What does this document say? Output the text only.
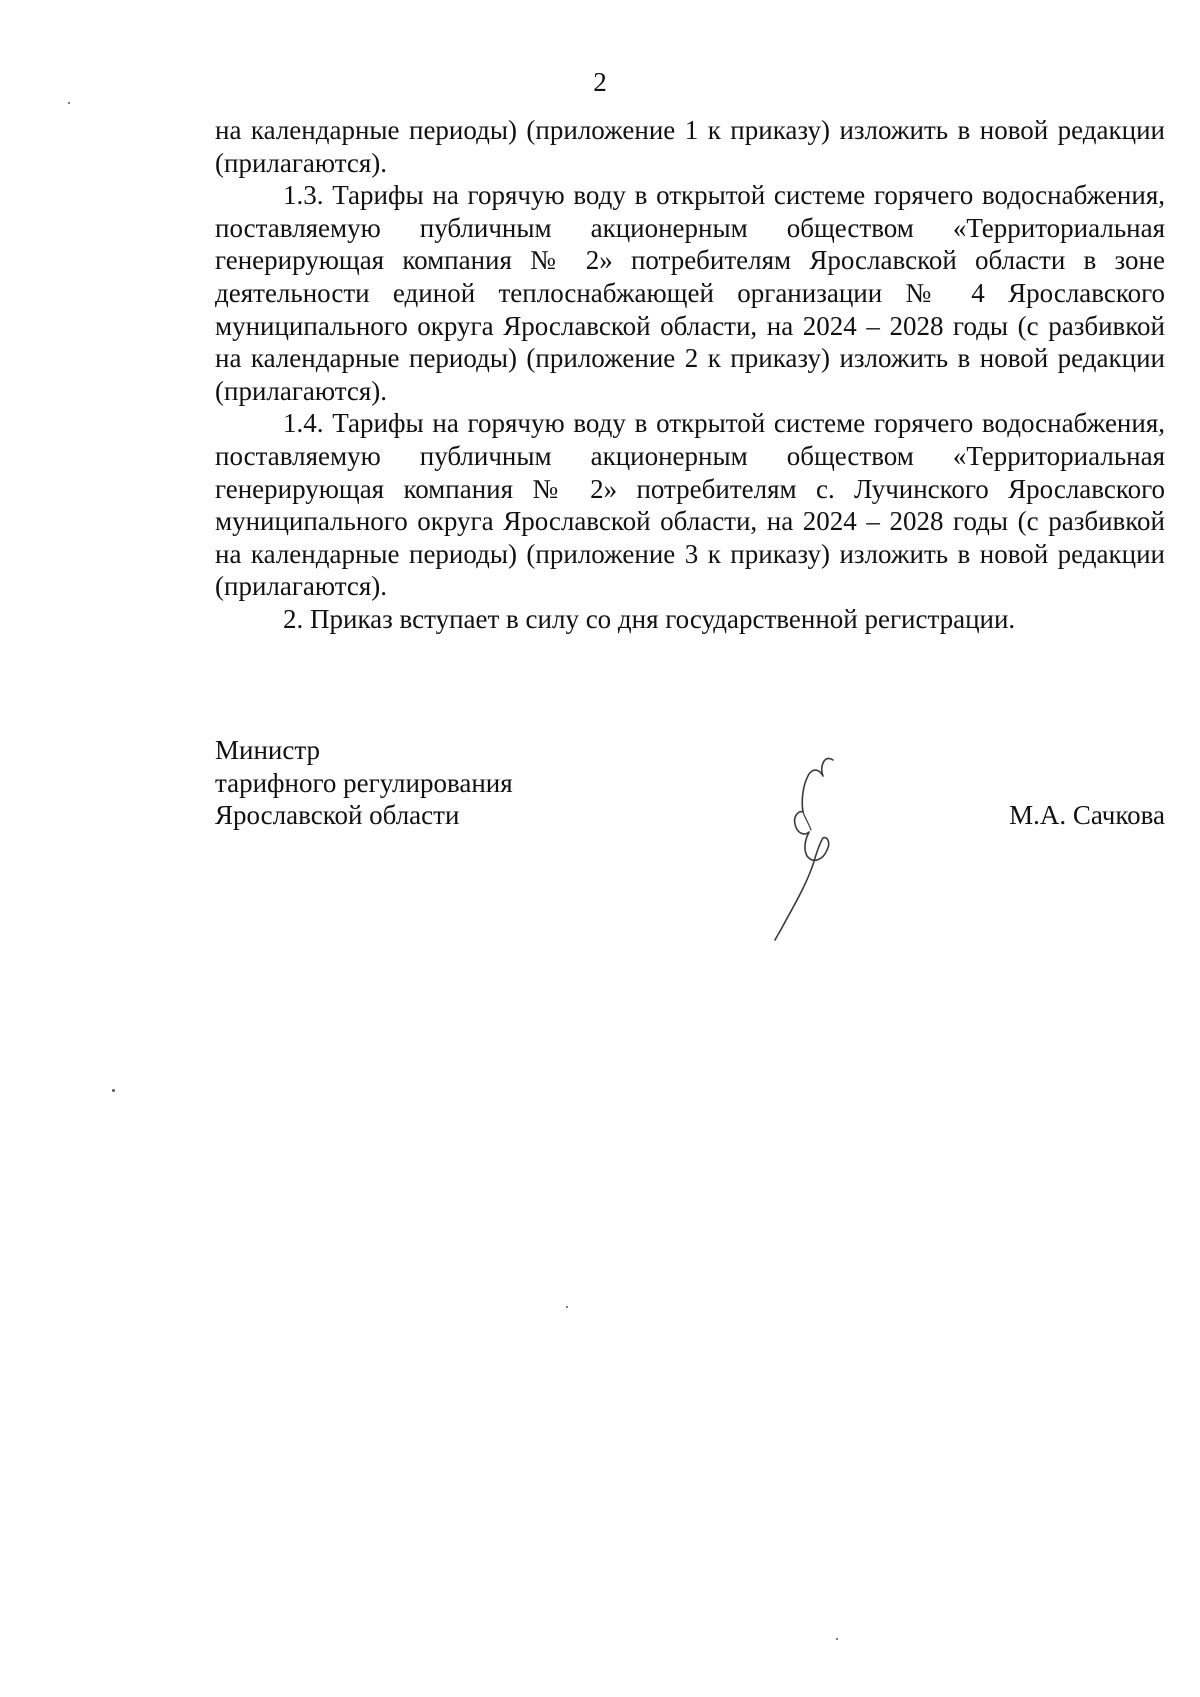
2

на календарные периоды) (приложение 1 к приказу) изложить в новой редакции (прилагаются).

1.3. Тарифы на горячую воду в открытой системе горячего водоснабжения, поставляемую публичным акционерным обществом «Территориальная генерирующая компания № 2» потребителям Ярославской области в зоне деятельности единой теплоснабжающей организации № 4 Ярославского муниципального округа Ярославской области, на 2024 – 2028 годы (с разбивкой на календарные периоды) (приложение 2 к приказу) изложить в новой редакции (прилагаются).

1.4. Тарифы на горячую воду в открытой системе горячего водоснабжения, поставляемую публичным акционерным обществом «Территориальная генерирующая компания № 2» потребителям с. Лучинского Ярославского муниципального округа Ярославской области, на 2024 – 2028 годы (с разбивкой на календарные периоды) (приложение 3 к приказу) изложить в новой редакции (прилагаются).

2. Приказ вступает в силу со дня государственной регистрации.

Министр
тарифного регулирования
Ярославской области	М.А. Сачкова
